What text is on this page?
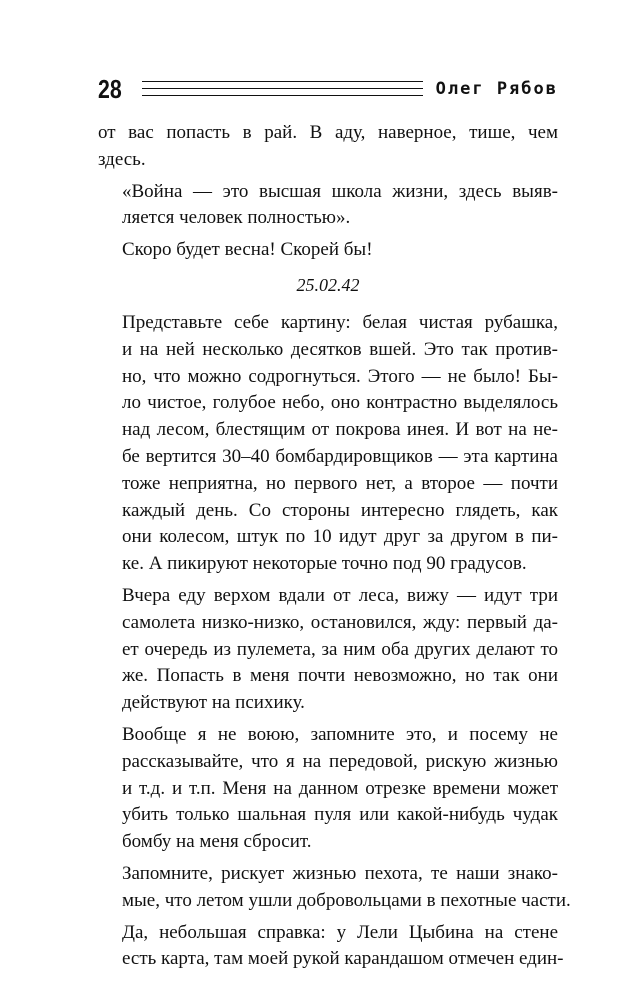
28	Олег Рябов

от вас попасть в рай. В аду, наверное, тише, чем
здесь.

«Война — это высшая школа жизни, здесь выяв-
ляется человек полностью».

Скоро будет весна! Скорей бы!

25.02.42

Представьте себе картину: белая чистая рубашка,
и на ней несколько десятков вшей. Это так против-
но, что можно содрогнуться. Этого — не было! Бы-
ло чистое, голубое небо, оно контрастно выделялось
над лесом, блестящим от покрова инея. И вот на не-
бе вертится 30–40 бомбардировщиков — эта картина
тоже неприятна, но первого нет, а второе — почти
каждый день. Со стороны интересно глядеть, как
они колесом, штук по 10 идут друг за другом в пи-
ке. А пикируют некоторые точно под 90 градусов.

Вчера еду верхом вдали от леса, вижу — идут три
самолета низко-низко, остановился, жду: первый да-
ет очередь из пулемета, за ним оба других делают то
же. Попасть в меня почти невозможно, но так они
действуют на психику.

Вообще я не воюю, запомните это, и посему не
рассказывайте, что я на передовой, рискую жизнью
и т.д. и т.п. Меня на данном отрезке времени может
убить только шальная пуля или какой-нибудь чудак
бомбу на меня сбросит.

Запомните, рискует жизнью пехота, те наши знако-
мые, что летом ушли добровольцами в пехотные части.

Да, небольшая справка: у Лели Цыбина на стене
есть карта, там моей рукой карандашом отмечен един-
